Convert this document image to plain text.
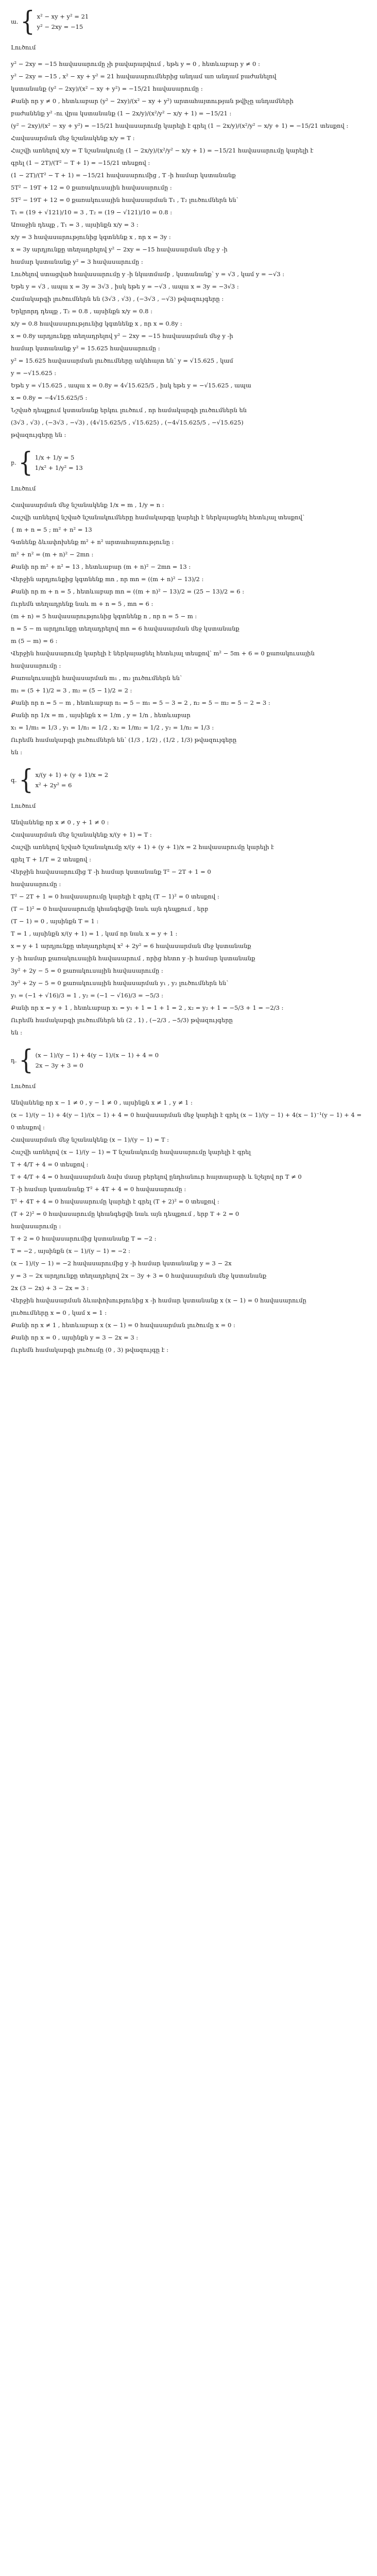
ա. { x² − xy + y² = 21
y² − 2xy = −15

Լուծում

y² − 2xy = −15 հավասարումը չի բավարարվում , եթե y = 0 , հետևաբար y ≠ 0 :

y² − 2xy = −15 , x² − xy + y² = 21 հավասարումներից անդամ առ անդամ բաժանելով

կստանանք (y² − 2xy)/(x² − xy + y²) = −15/21 հավասարումը :

Քանի որ y ≠ 0 , հետևաբար (y² − 2xy)/(x² − xy + y²) արտահայտության թվիչը անդամների

բաժանենք y² -ու վրա կստանանք (1 − 2x/y)/(x²/y² − x/y + 1) = −15/21 :

(y² − 2xy)/(x² − xy + y²) = −15/21 հավասարումը կարելի է գրել (1 − 2x/y)/(x²/y² − x/y + 1) = −15/21 տեսքով :

Հավասարման մեջ նշանակենք x/y = T :

Հաշվի առնելով x/y = T նշանակումը (1 − 2x/y)/(x²/y² − x/y + 1) = −15/21 հավասարումը կարելի է

գրել (1 − 2T)/(T² − T + 1) = −15/21 տեսքով :

(1 − 2T)/(T² − T + 1) = −15/21 հավասարումից , T -ի համար կստանանք

5T² − 19T + 12 = 0 քառակուսային հավասարումը :

5T² − 19T + 12 = 0 քառակուսային հավասարման T₁ , T₂ լուծումներն են՝

T₁ = (19 + √121)/10 = 3 , T₂ = (19 − √121)/10 = 0.8 :

Առաջին դեպք , T₁ = 3 , այսինքն x/y = 3 :

x/y = 3 հավասարությունից կգտնենք x , որ x = 3y :

x = 3y արդյունքը տեղադրելով y² − 2xy = −15 հավասարման մեջ y -ի

համար կստանանք y² = 3 հավասարումը :

Լուծելով ստացված հավասարումը y -ի նկատմամբ , կստանանք՝ y = √3 , կամ y = −√3 :

Եթե y = √3 , ապա x = 3y = 3√3 , իսկ եթե y = −√3 , ապա x = 3y = −3√3 :

Համակարգի լուծումներն են (3√3 , √3) , (−3√3 , −√3) թվազույգերը :

Երկրորդ դեպք , T₂ = 0.8 , այսինքն x/y = 0.8 :

x/y = 0.8 հավասարությունից կգտնենք x , որ x = 0.8y :

x = 0.8y արդյունքը տեղադրելով y² − 2xy = −15 հավասարման մեջ y -ի

համար կստանանք y² = 15.625 հավասարումը :

y² = 15.625 հավասարման լուծումները ակնհայտ են՝ y = √15.625 , կամ

y = −√15.625 :

Եթե y = √15.625 , ապա x = 0.8y = 4√15.625/5 , իսկ եթե y = −√15.625 , ապա

x = 0.8y = −4√15.625/5 :

Նշված դեպքում կստանանք երկու լուծում , որ համակարգի լուծումներն են

(3√3 , √3) , (−3√3 , −√3) , (4√15.625/5 , √15.625) , (−4√15.625/5 , −√15.625)

թվազույգերը են :

բ. { 1/x + 1/y = 5
1/x² + 1/y² = 13

Լուծում

Հավասարման մեջ նշանակենք 1/x = m , 1/y = n :

Հաշվի առնելով նշված նշանակումները համակարգը կարելի է ներկայացնել հետևյալ տեսքով՝

{ m + n = 5 ; m² + n² = 13

Գտնենք ձևափոխենք m² + n² արտահայտությունը :

m² + n² = (m + n)² − 2mn :

Քանի որ m² + n² = 13 , հետևաբար (m + n)² − 2mn = 13 :

Վերջին արդյունքից կգտնենք mn , որ mn = ((m + n)² − 13)/2 :

Քանի որ m + n = 5 , հետևաբար mn = ((m + n)² − 13)/2 = (25 − 13)/2 = 6 :

Ուրեմն տեղադրենք նաև m + n = 5 , mn = 6 :

(m + n) = 5 հավասարությունից կգտնենք n , որ n = 5 − m :

n = 5 − m արդյունքը տեղադրելով mn = 6 հավասարման մեջ կստանանք

m (5 − m) = 6 :

Վերջին հավասարումը կարելի է ներկայացնել հետևյալ տեսքով՝ m² − 5m + 6 = 0 քառակուսային

հավասարումը :

Քառակուսային հավասարման m₁ , m₂ լուծումներն են՝

m₁ = (5 + 1)/2 = 3 , m₂ = (5 − 1)/2 = 2 :

Քանի որ n = 5 − m , հետևաբար n₁ = 5 − m₁ = 5 − 3 = 2 , n₂ = 5 − m₂ = 5 − 2 = 3 :

Քանի որ 1/x = m , այսինքն x = 1/m , y = 1/n , հետևաբար

x₁ = 1/m₁ = 1/3 , y₁ = 1/n₁ = 1/2 , x₂ = 1/m₂ = 1/2 , y₂ = 1/n₂ = 1/3 :

Ուրեմն համակարգի լուծումներն են՝ (1/3 , 1/2) , (1/2 , 1/3) թվազույգերը

են :

գ. { x/(y + 1) + (y + 1)/x = 2
x² + 2y² = 6

Լուծում

Անվանենք որ x ≠ 0 , y + 1 ≠ 0 :

Հավասարման մեջ նշանակենք x/(y + 1) = T :

Հաշվի առնելով նշված նշանակումը x/(y + 1) + (y + 1)/x = 2 հավասարումը կարելի է

գրել T + 1/T = 2 տեսքով :

Վերջին հավասարումից T -ի համար կստանանք T² − 2T + 1 = 0

հավասարումը :

T² − 2T + 1 = 0 հավասարումը կարելի է գրել (T − 1)² = 0 տեսքով :

(T − 1)² = 0 հավասարումը կհանգեցվի նաև այն դեպքում , երբ

(T − 1) = 0 , այսինքն T = 1 :

T = 1 , այսինքն x/(y + 1) = 1 , կամ որ նաև x = y + 1 :

x = y + 1 արդյունքը տեղադրելով x² + 2y² = 6 հավասարման մեջ կստանանք

y -ի համար քառակուսային հավասարում , որից հետո y -ի համար կստանանք

3y² + 2y − 5 = 0 քառակուսային հավասարումը :

3y² + 2y − 5 = 0 քառակուսային հավասարման y₁ , y₂ լուծումներն են՝

y₁ = (−1 + √16)/3 = 1 , y₂ = (−1 − √16)/3 = −5/3 :

Քանի որ x = y + 1 , հետևաբար x₁ = y₁ + 1 = 1 + 1 = 2 , x₂ = y₂ + 1 = −5/3 + 1 = −2/3 :

Ուրեմն համակարգի լուծումներն են (2 , 1) , (−2/3 , −5/3) թվազույգերը

են :

դ. { (x − 1)/(y − 1) + 4(y − 1)/(x − 1) + 4 = 0
2x − 3y + 3 = 0

Լուծում

Անվանենք որ x − 1 ≠ 0 , y − 1 ≠ 0 , այսինքն x ≠ 1 , y ≠ 1 :

(x − 1)/(y − 1) + 4(y − 1)/(x − 1) + 4 = 0 հավասարման մեջ կարելի է գրել (x − 1)/(y − 1) + 4(x − 1)⁻¹(y − 1) + 4 = 0 տեսքով :

Հավասարման մեջ նշանակենք (x − 1)/(y − 1) = T :

Հաշվի առնելով (x − 1)/(y − 1) = T նշանակումը հավասարումը կարելի է գրել

T + 4/T + 4 = 0 տեսքով :

T + 4/T + 4 = 0 հավասարման ձախ մասը բերելով ընդհանուր հայտարարի և նշելով որ T ≠ 0

T -ի համար կստանանք T² + 4T + 4 = 0 հավասարումը :

T² + 4T + 4 = 0 հավասարումը կարելի է գրել (T + 2)² = 0 տեսքով :

(T + 2)² = 0 հավասարումը կհանգեցվի նաև այն դեպքում , երբ T + 2 = 0

հավասարումը :

T + 2 = 0 հավասարումից կստանանք T = −2 :

T = −2 , այսինքն (x − 1)/(y − 1) = −2 :

(x − 1)/(y − 1) = −2 հավասարումից y -ի համար կստանանք y = 3 − 2x

y = 3 − 2x արդյունքը տեղադրելով 2x − 3y + 3 = 0 հավասարման մեջ կստանանք

2x (3 − 2x) + 3 − 2x = 3 :

Վերջին հավասարման ձևափոխությունից x -ի համար կստանանք x (x − 1) = 0 հավասարումը

լուծումները x = 0 , կամ x = 1 :

Քանի որ x ≠ 1 , հետևաբար x (x − 1) = 0 հավասարման լուծումը x = 0 :

Քանի որ x = 0 , այսինքն y = 3 − 2x = 3 :

Ուրեմն համակարգի լուծումը (0 , 3) թվազույգը է :
